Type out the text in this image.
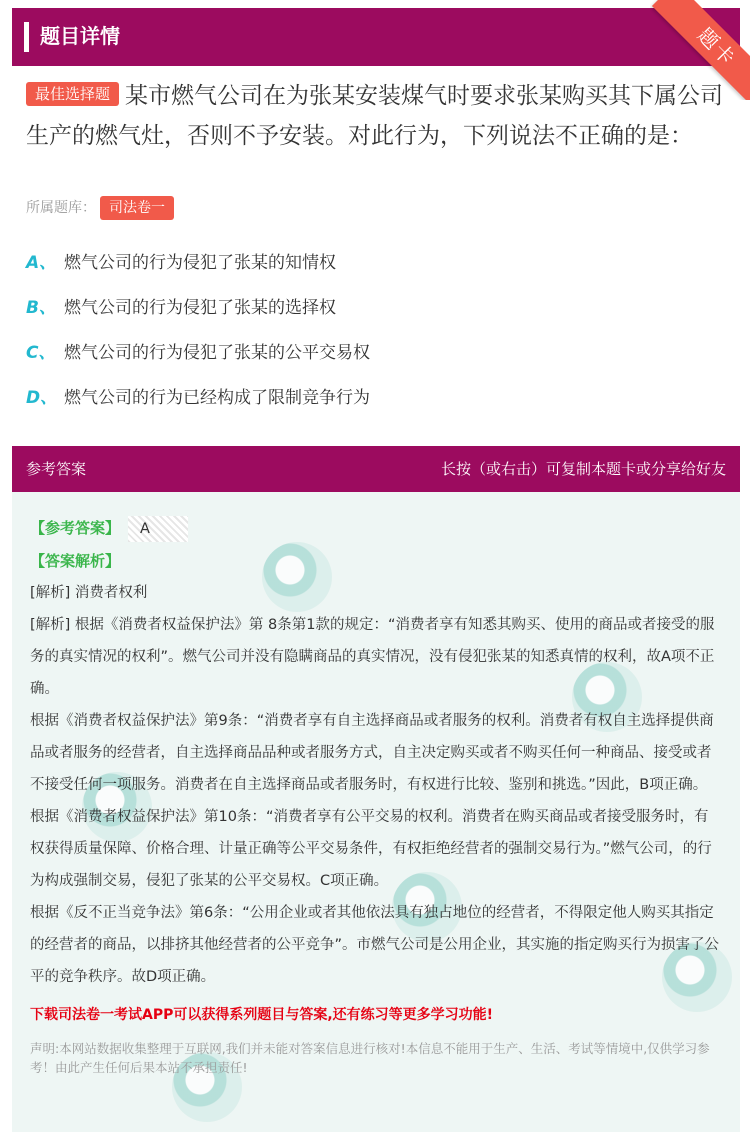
题目详情	题卡
最佳选择题 某市燃气公司在为张某安装煤气时要求张某购买其下属公司生产的燃气灶，否则不予安装。对此行为，下列说法不正确的是：
所属题库： 司法卷一
A、 燃气公司的行为侵犯了张某的知情权
B、 燃气公司的行为侵犯了张某的选择权
C、 燃气公司的行为侵犯了张某的公平交易权
D、 燃气公司的行为已经构成了限制竞争行为
参考答案	长按（或右击）可复制本题卡或分享给好友
【参考答案】 A
【答案解析】
[解析] 消费者权利
[解析] 根据《消费者权益保护法》第 8条第1款的规定：“消费者享有知悉其购买、使用的商品或者接受的服务的真实情况的权利”。燃气公司并没有隐瞒商品的真实情况，没有侵犯张某的知悉真情的权利，故A项不正确。
根据《消费者权益保护法》第9条：“消费者享有自主选择商品或者服务的权利。消费者有权自主选择提供商品或者服务的经营者，自主选择商品品种或者服务方式，自主决定购买或者不购买任何一种商品、接受或者不接受任何一项服务。消费者在自主选择商品或者服务时，有权进行比较、鉴别和挑选。”因此，B项正确。
根据《消费者权益保护法》第10条：“消费者享有公平交易的权利。消费者在购买商品或者接受服务时，有权获得质量保障、价格合理、计量正确等公平交易条件，有权拒绝经营者的强制交易行为。”燃气公司，的行为构成强制交易，侵犯了张某的公平交易权。C项正确。
根据《反不正当竞争法》第6条：“公用企业或者其他依法具有独占地位的经营者，不得限定他人购买其指定的经营者的商品，以排挤其他经营者的公平竞争”。市燃气公司是公用企业，其实施的指定购买行为损害了公平的竞争秩序。故D项正确。
下载司法卷一考试APP可以获得系列题目与答案,还有练习等更多学习功能!
声明:本网站数据收集整理于互联网,我们并未能对答案信息进行核对!本信息不能用于生产、生活、考试等情境中,仅供学习参考！由此产生任何后果本站不承担责任!
